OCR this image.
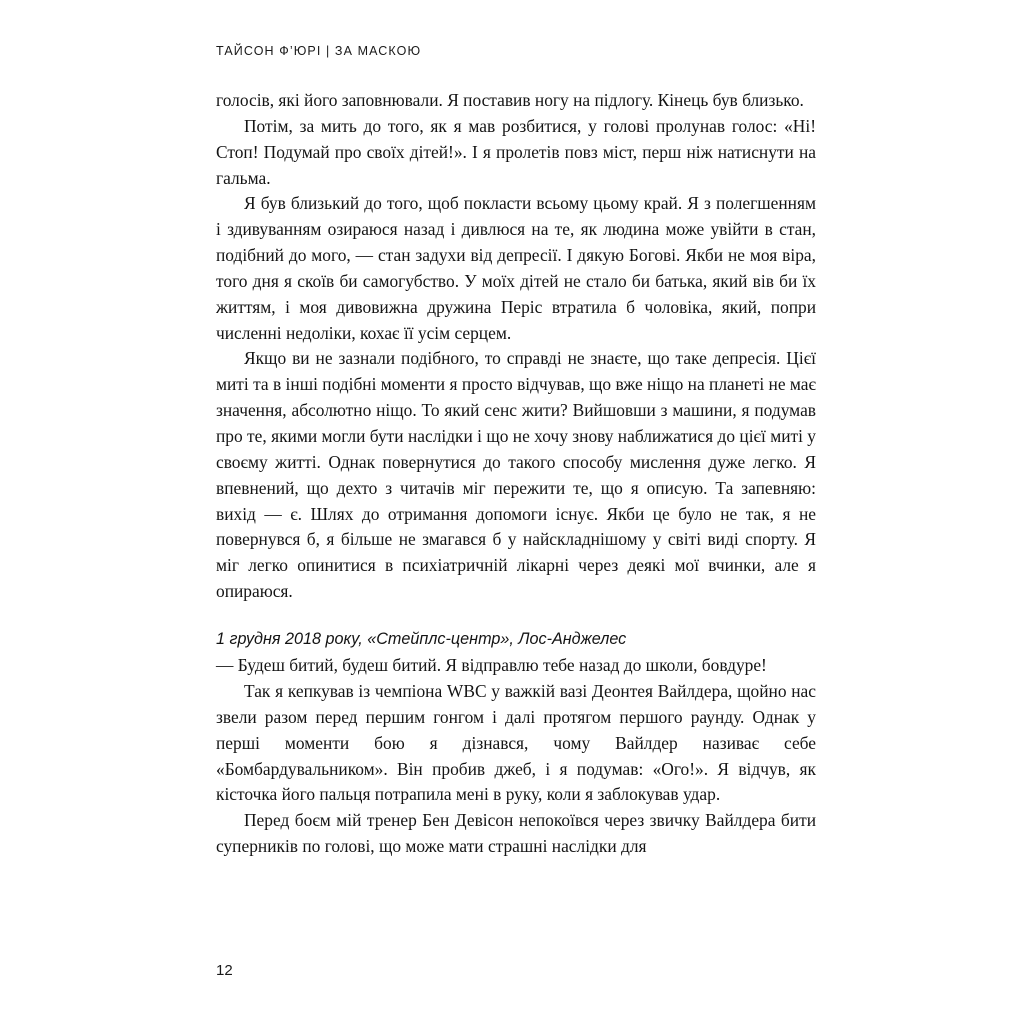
ТАЙСОН Ф’ЮРІ | ЗА МАСКОЮ

голосів, які його заповнювали. Я поставив ногу на підлогу. Кінець був близько.

Потім, за мить до того, як я мав розбитися, у голові пролунав голос: «Ні! Стоп! Подумай про своїх дітей!». І я пролетів повз міст, перш ніж натиснути на гальма.

Я був близький до того, щоб покласти всьому цьому край. Я з полегшенням і здивуванням озираюся назад і дивлюся на те, як людина може увійти в стан, подібний до мого, — стан задухи від депресії. І дякую Богові. Якби не моя віра, того дня я скоїв би самогубство. У моїх дітей не стало би батька, який вів би їх життям, і моя дивовижна дружина Періс втратила б чоловіка, який, попри численні недоліки, кохає її усім серцем.

Якщо ви не зазнали подібного, то справді не знаєте, що таке депресія. Цієї миті та в інші подібні моменти я просто відчував, що вже ніщо на планеті не має значення, абсолютно ніщо. То який сенс жити? Вийшовши з машини, я подумав про те, якими могли бути наслідки і що не хочу знову наближатися до цієї миті у своєму житті. Однак повернутися до такого способу мислення дуже легко. Я впевнений, що дехто з читачів міг пережити те, що я описую. Та запевняю: вихід — є. Шлях до отримання допомоги існує. Якби це було не так, я не повернувся б, я більше не змагався б у найскладнішому у світі виді спорту. Я міг легко опинитися в психіатричній лікарні через деякі мої вчинки, але я опираюся.

1 грудня 2018 року, «Стейплс-центр», Лос-Анджелес

— Будеш битий, будеш битий. Я відправлю тебе назад до школи, бовдуре!

Так я кепкував із чемпіона WBC у важкій вазі Деонтея Вайлдера, щойно нас звели разом перед першим гонгом і далі протягом першого раунду. Однак у перші моменти бою я дізнався, чому Вайлдер називає себе «Бомбардувальником». Він пробив джеб, і я подумав: «Ого!». Я відчув, як кісточка його пальця потрапила мені в руку, коли я заблокував удар.

Перед боєм мій тренер Бен Девісон непокоївся через звичку Вайлдера бити суперників по голові, що може мати страшні наслідки для

12
